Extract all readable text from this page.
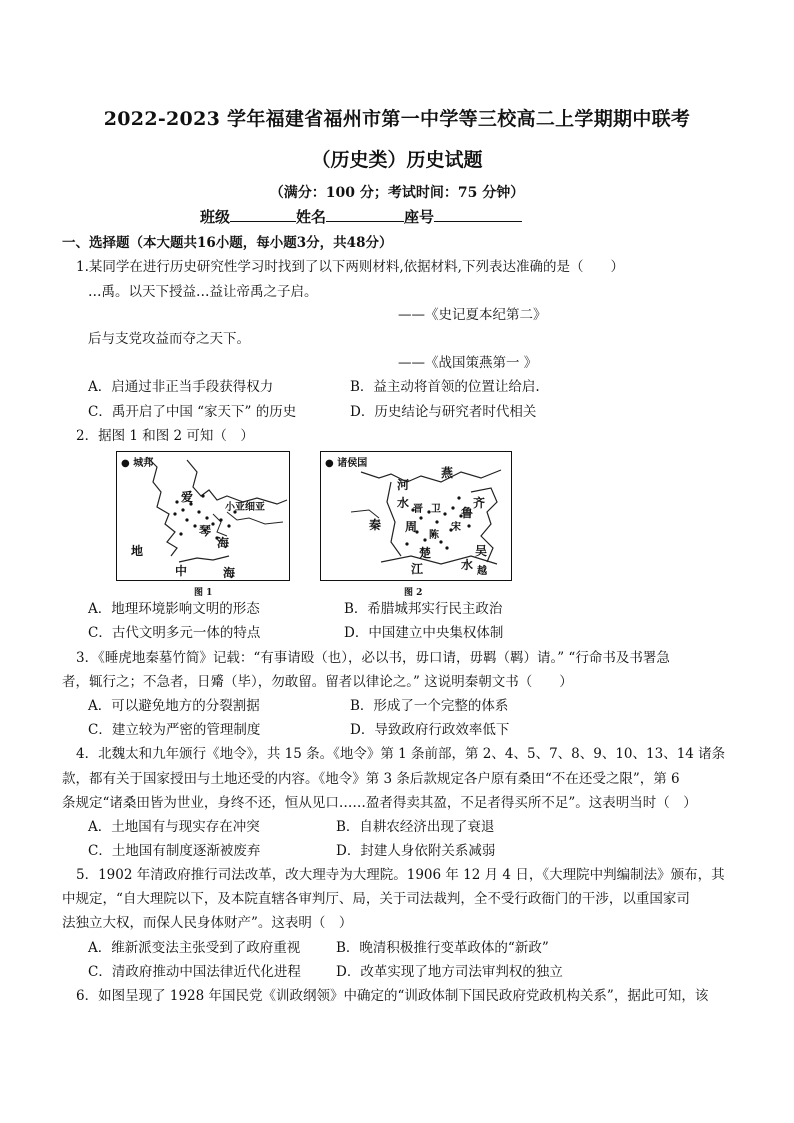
2022-2023 学年福建省福州市第一中学等三校高二上学期期中联考
（历史类）历史试题
（满分：100 分；考试时间：75 分钟）
班级	姓名	座号
一、选择题（本大题共16小题，每小题3分，共48分）
1.某同学在进行历史研究性学习时找到了以下两则材料,依据材料,下列表达准确的是（　　）
…禹。以天下授益…益让帝禹之子启。
——《史记夏本纪第二》
后与支党攻益而夺之天下。
——《战国策燕第一 》
A．启通过非正当手段获得权力	B．益主动将首领的位置让给启.
C．禹开启了中国 “家天下” 的历史	D．历史结论与研究者时代相关
2．据图 1 和图 2 可知（　）
● 城邦
爱
琴
小亚细亚
海
地
中	海
图 1
● 诸侯国
燕
河
水 晋 卫	齐
鲁
秦 周	宋
陈
楚	吴
江	越
水
图 2
A．地理环境影响文明的形态	B．希腊城邦实行民主政治
C．古代文明多元一体的特点	D．中国建立中央集权体制
3．《睡虎地秦墓竹简》记载：“有事请殴（也），必以书，毋口请，毋羁（羁）请。” “行命书及书署急
者，辄行之；不急者，日觱（毕），勿敢留。留者以律论之。” 这说明秦朝文书（　　）
A．可以避免地方的分裂割据	B．形成了一个完整的体系
C．建立较为严密的管理制度	D．导致政府行政效率低下
4．北魏太和九年颁行《地令》，共 15 条。《地令》第 1 条前部，第 2、4、5、7、8、9、10、13、14 诸条
款，都有关于国家授田与土地还受的内容。《地令》第 3 条后款规定各户原有桑田“不在还受之限”，第 6
条规定“诸桑田皆为世业，身终不还，恒从见口……盈者得卖其盈，不足者得买所不足”。这表明当时（　）
A．土地国有与现实存在冲突	B．自耕农经济出现了衰退
C．土地国有制度逐渐被废弃	D．封建人身依附关系减弱
5．1902 年清政府推行司法改革，改大理寺为大理院。1906 年 12 月 4 日，《大理院中判编制法》颁布，其
中规定，“自大理院以下，及本院直辖各审判厅、局，关于司法裁判，全不受行政衙门的干涉，以重国家司
法独立大权，而保人民身体财产”。这表明（　）
A．维新派变法主张受到了政府重视	B．晚清积极推行变革政体的“新政”
C．清政府推动中国法律近代化进程	D．改革实现了地方司法审判权的独立
6．如图呈现了 1928 年国民党《训政纲领》中确定的“训政体制下国民政府党政机构关系”，据此可知，该
